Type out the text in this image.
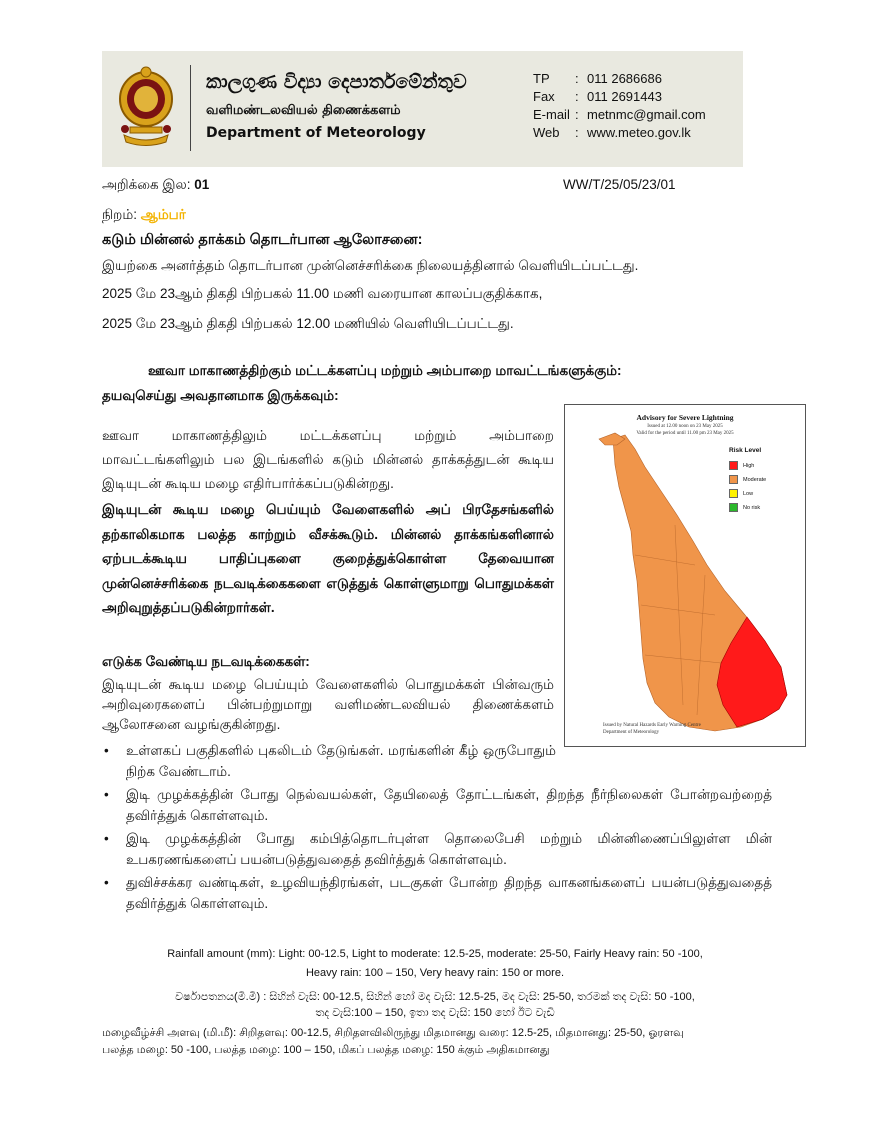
කාලගුණ විද්‍යා දෙපාර්තමේන්තුව
வளிமண்டலவியல் திணைக்களம்
Department of Meteorology
TP : 011 2686686
Fax : 011 2691443
E-mail : metnmc@gmail.com
Web : www.meteo.gov.lk
அறிக்கை இல: 01	WW/T/25/05/23/01
நிறம்: ஆம்பர்
கடும் மின்னல் தாக்கம் தொடர்பான ஆலோசனை:
இயற்கை அனர்த்தம் தொடர்பான முன்னெச்சரிக்கை நிலையத்தினால் வெளியிடப்பட்டது.
2025 மே 23ஆம் திகதி பிற்பகல் 11.00 மணி வரையான காலப்பகுதிக்காக,
2025 மே 23ஆம் திகதி பிற்பகல் 12.00 மணியில் வெளியிடப்பட்டது.
ஊவா மாகாணத்திற்கும் மட்டக்களப்பு மற்றும் அம்பாறை மாவட்டங்களுக்கும்:
தயவுசெய்து அவதானமாக இருக்கவும்:

ஊவா மாகாணத்திலும் மட்டக்களப்பு மற்றும் அம்பாறை மாவட்டங்களிலும் பல இடங்களில் கடும் மின்னல் தாக்கத்துடன் கூடிய இடியுடன் கூடிய மழை எதிர்பார்க்கப்படுகின்றது.

இடியுடன் கூடிய மழை பெய்யும் வேளைகளில் அப் பிரதேசங்களில் தற்காலிகமாக பலத்த காற்றும் வீசக்கூடும். மின்னல் தாக்கங்களினால் ஏற்படக்கூடிய பாதிப்புகளை குறைத்துக்கொள்ள தேவையான முன்னெச்சரிக்கை நடவடிக்கைகளை எடுத்துக் கொள்ளுமாறு பொதுமக்கள் அறிவுறுத்தப்படுகின்றார்கள்.

எடுக்க வேண்டிய நடவடிக்கைகள்:

இடியுடன் கூடிய மழை பெய்யும் வேளைகளில் பொதுமக்கள் பின்வரும் அறிவுரைகளைப் பின்பற்றுமாறு வளிமண்டலவியல் திணைக்களம் ஆலோசனை வழங்குகின்றது.

• உள்ளகப் பகுதிகளில் புகலிடம் தேடுங்கள். மரங்களின் கீழ் ஒருபோதும் நிற்க வேண்டாம்.
• இடி முழக்கத்தின் போது நெல்வயல்கள், தேயிலைத் தோட்டங்கள், திறந்த நீர்நிலைகள் போன்றவற்றைத் தவிர்த்துக் கொள்ளவும்.
• இடி முழக்கத்தின் போது கம்பித்தொடர்புள்ள தொலைபேசி மற்றும் மின்னிணைப்பிலுள்ள மின் உபகரணங்களைப் பயன்படுத்துவதைத் தவிர்த்துக் கொள்ளவும்.
• துவிச்சக்கர வண்டிகள், உழவியந்திரங்கள், படகுகள் போன்ற திறந்த வாகனங்களைப் பயன்படுத்துவதைத் தவிர்த்துக் கொள்ளவும்.
Advisory for Severe Lightning
Issued at 12.00 noon on 23 May 2025
Valid for the period until 11.00 pm 23 May 2025
Risk Level
High
Moderate
Low
No risk
Issued by Natural Hazards Early Warning Centre
Department of Meteorology
Rainfall amount (mm): Light: 00-12.5, Light to moderate: 12.5-25, moderate: 25-50, Fairly Heavy rain: 50 -100,
Heavy rain: 100 – 150, Very heavy rain: 150 or more.
වර්ෂාපතනය(මි.මී) : සිහින් වැසි: 00-12.5, සිහින් හෝ මද වැසි: 12.5-25, මද වැසි: 25-50, තරමක් තද වැසි: 50 -100,
තද වැසි:100 – 150, ඉතා තද වැසි: 150 හෝ ඊට වැඩි
மழைவீழ்ச்சி அளவு (மி.மீ): சிறிதளவு: 00-12.5, சிறிதளவிலிருந்து மிதமானது வரை: 12.5-25, மிதமானது: 25-50, ஓரளவு
பலத்த மழை: 50 -100, பலத்த மழை: 100 – 150, மிகப் பலத்த மழை: 150 க்கும் அதிகமானது
